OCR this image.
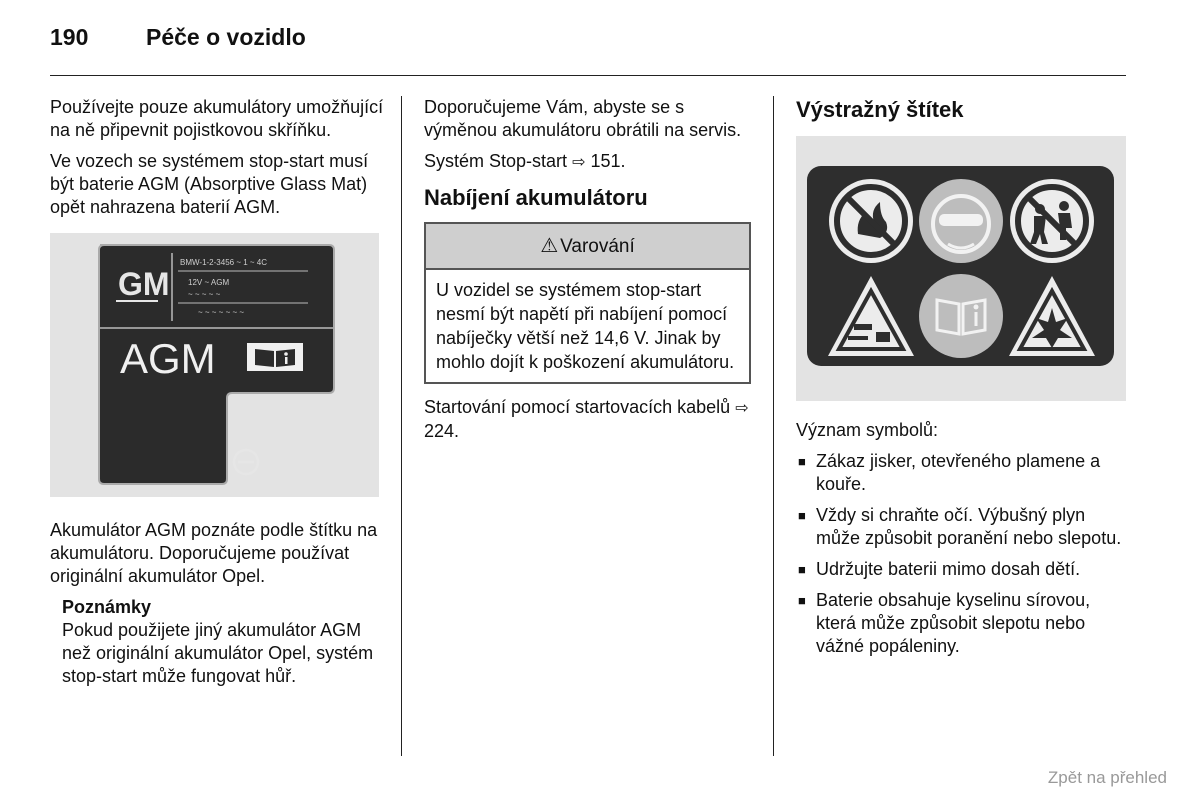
190	Péče o vozidlo

Používejte pouze akumulátory umožňující na ně připevnit pojistkovou skříňku.

Ve vozech se systémem stop-start musí být baterie AGM (Absorptive Glass Mat) opět nahrazena baterií AGM.

GM
BMW-1-2-3456 ~ 1 ~ 4C
12V ~ AGM
~ ~ ~ ~ ~
~ ~ ~ ~ ~ ~ ~
AGM

Akumulátor AGM poznáte podle štítku na akumulátoru. Doporučujeme používat originální akumulátor Opel.

Poznámky
Pokud použijete jiný akumulátor AGM než originální akumulátor Opel, systém stop-start může fungovat hůř.

Doporučujeme Vám, abyste se s výměnou akumulátoru obrátili na servis.

Systém Stop-start ⇨ 151.

Nabíjení akumulátoru
⚠ Varování
U vozidel se systémem stop-start nesmí být napětí při nabíjení pomocí nabíječky větší než 14,6 V. Jinak by mohlo dojít k poškození akumulátoru.

Startování pomocí startovacích kabelů ⇨ 224.

Výstražný štítek

Význam symbolů:

■ Zákaz jisker, otevřeného plamene a kouře.
■ Vždy si chraňte očí. Výbušný plyn může způsobit poranění nebo slepotu.
■ Udržujte baterii mimo dosah dětí.
■ Baterie obsahuje kyselinu sírovou, která může způsobit slepotu nebo vážné popáleniny.
Zpět na přehled
